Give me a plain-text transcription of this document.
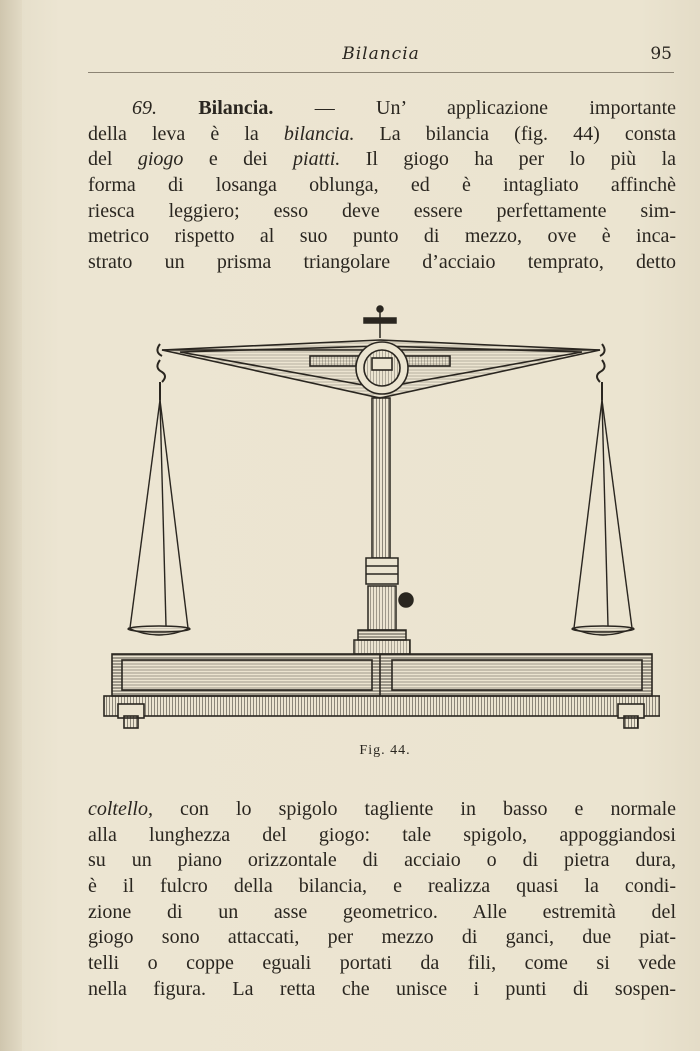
Bilancia	95
69. Bilancia. — Un’ applicazione importante
della leva è la bilancia. La bilancia (fig. 44) consta
del giogo e dei piatti. Il giogo ha per lo più la
forma di losanga oblunga, ed è intagliato affinchè
riesca leggiero; esso deve essere perfettamente sim-
metrico rispetto al suo punto di mezzo, ove è inca-
strato un prisma triangolare d’acciaio temprato, detto
Fig. 44.
coltello, con lo spigolo tagliente in basso e normale
alla lunghezza del giogo: tale spigolo, appoggiandosi
su un piano orizzontale di acciaio o di pietra dura,
è il fulcro della bilancia, e realizza quasi la condi-
zione di un asse geometrico. Alle estremità del
giogo sono attaccati, per mezzo di ganci, due piat-
telli o coppe eguali portati da fili, come si vede
nella figura. La retta che unisce i punti di sospen-
